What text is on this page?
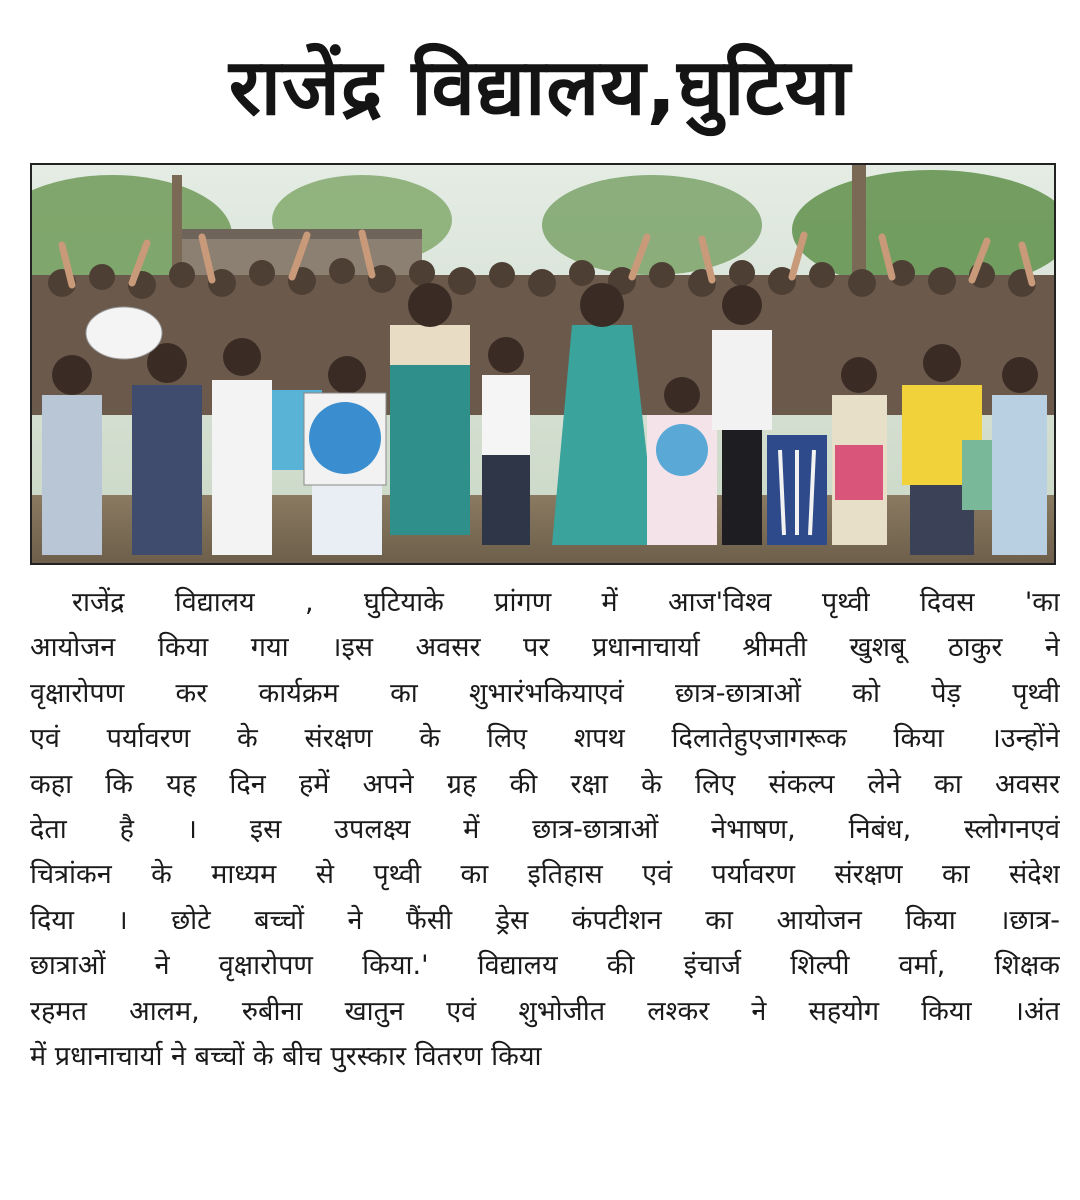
राजेंद्र विद्यालय,घुटिया
राजेंद्र विद्यालय , घुटियाके प्रांगण में आज'विश्व पृथ्वी दिवस 'का
आयोजन किया गया ।इस अवसर पर प्रधानाचार्या श्रीमती खुशबू ठाकुर ने
वृक्षारोपण कर कार्यक्रम का शुभारंभकियाएवं छात्र-छात्राओं को पेड़ पृथ्वी
एवं पर्यावरण के संरक्षण के लिए शपथ दिलातेहुएजागरूक किया ।उन्होंने
कहा कि यह दिन हमें अपने ग्रह की रक्षा के लिए संकल्प लेने का अवसर
देता है । इस उपलक्ष्य में छात्र-छात्राओं नेभाषण, निबंध, स्लोगनएवं
चित्रांकन के माध्यम से पृथ्वी का इतिहास एवं पर्यावरण संरक्षण का संदेश
दिया । छोटे बच्चों ने फैंसी ड्रेस कंपटीशन का आयोजन किया ।छात्र-
छात्राओं ने वृक्षारोपण किया.' विद्यालय की इंचार्ज शिल्पी वर्मा, शिक्षक
रहमत आलम, रुबीना खातुन एवं शुभोजीत लश्कर ने सहयोग किया ।अंत
में प्रधानाचार्या ने बच्चों के बीच पुरस्कार वितरण किया
